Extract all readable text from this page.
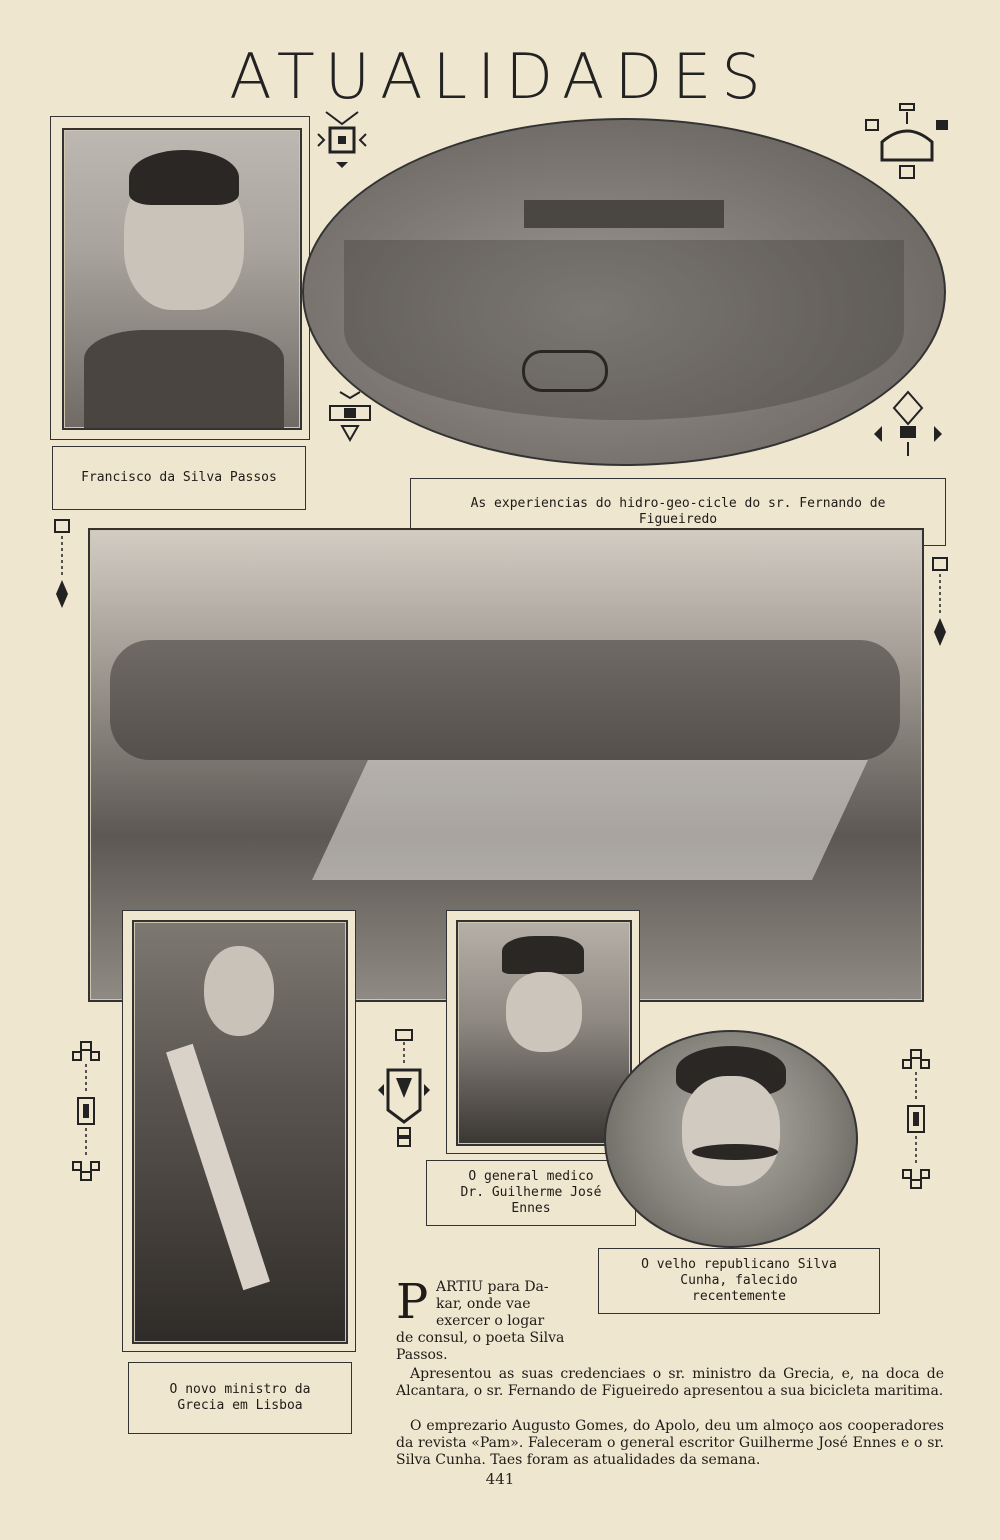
ATUALIDADES
Francisco da Silva Passos
As experiencias do hidro-geo-cicle do sr. Fernando de Figueiredo
O novo ministro da Grecia em Lisboa
O general medico
Dr. Guilherme José
Ennes
O velho republicano Silva Cunha, falecido recentemente
P ARTIU para Da-
kar, onde vae
exercer o logar
de consul, o poeta Silva Passos.
Apresentou as suas credenciaes o sr. ministro da Grecia, e, na doca de Alcantara, o sr. Fernando de Figueiredo apresentou a sua bicicleta maritima.
O emprezario Augusto Gomes, do Apolo, deu um almoço aos cooperadores da revista «Pam». Faleceram o general escritor Guilherme José Ennes e o sr. Silva Cunha. Taes foram as atualidades da semana.
441
